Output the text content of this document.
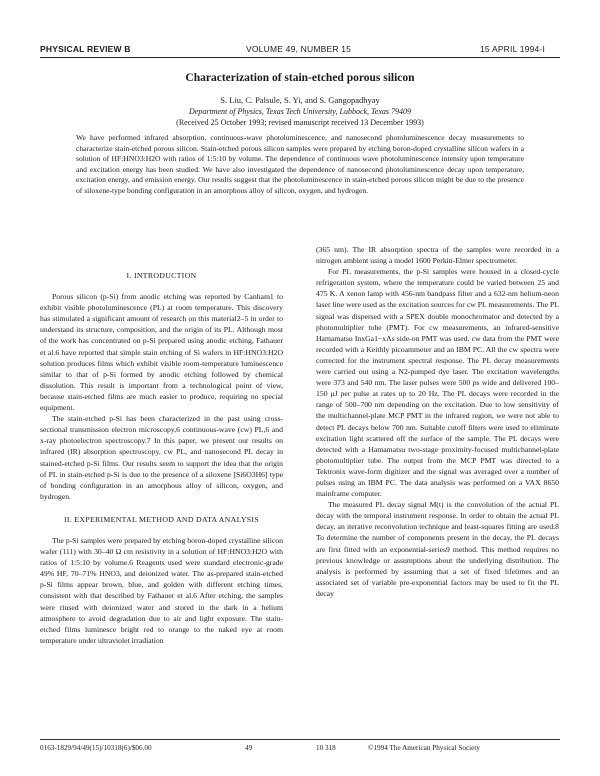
PHYSICAL REVIEW B	VOLUME 49, NUMBER 15	15 APRIL 1994-I
Characterization of stain-etched porous silicon
S. Liu, C. Palsule, S. Yi, and S. Gangopadhyay
Department of Physics, Texas Tech University, Lubbock, Texas 79409
(Received 25 October 1993; revised manuscript received 13 December 1993)

We have performed infrared absorption, continuous-wave photoluminescence, and nanosecond photoluminescence decay measurements to characterize stain-etched porous silicon. Stain-etched porous silicon samples were prepared by etching boron-doped crystalline silicon wafers in a solution of HF:HNO3:H2O with ratios of 1:5:10 by volume. The dependence of continuous wave photoluminescence intensity upon temperature and excitation energy has been studied. We have also investigated the dependence of nanosecond photoluminescence decay upon temperature, excitation energy, and emission energy. Our results suggest that the photoluminescence in stain-etched porous silicon might be due to the presence of siloxene-type bonding configuration in an amorphous alloy of silicon, oxygen, and hydrogen.

I. INTRODUCTION

Porous silicon (p-Si) from anodic etching was reported by Canham1 to exhibit visible photoluminescence (PL) at room temperature. This discovery has stimulated a significant amount of research on this material2–5 in order to understand its structure, composition, and the origin of its PL. Although most of the work has concentrated on p-Si prepared using anodic etching, Fathauer et al.6 have reported that simple stain etching of Si wafers in HF:HNO3:H2O solution produces films which exhibit visible room-temperature luminescence similar to that of p-Si formed by anodic etching followed by chemical dissolution. This result is important from a technological point of view, because stain-etched films are much easier to produce, requiring no special equipment.

The stain-etched p-Si has been characterized in the past using cross-sectional transmission electron microscopy,6 continuous-wave (cw) PL,6 and x-ray photoelectron spectroscopy.7 In this paper, we present our results on infrared (IR) absorption spectroscopy, cw PL, and nanosecond PL decay in stained-etched p-Si films. Our results seem to support the idea that the origin of PL in stain-etched p-Si is due to the presence of a siloxene [Si6O3H6] type of bonding configuration in an amorphous alloy of silicon, oxygen, and hydrogen.

II. EXPERIMENTAL METHOD AND DATA ANALYSIS

The p-Si samples were prepared by etching boron-doped crystalline silicon wafer (111) with 30–40 Ω cm resistivity in a solution of HF:HNO3:H2O with ratios of 1:5:10 by volume.6 Reagents used were standard electronic-grade 49% HF, 70–71% HNO3, and deionized water. The as-prepared stain-etched p-Si films appear brown, blue, and golden with different etching times, consistent with that described by Fathauer et al.6 After etching, the samples were rinsed with deionized water and stored in the dark in a helium atmosphere to avoid degradation due to air and light exposure. The stain-etched films luminesce bright red to orange to the naked eye at room temperature under ultraviolet irradiation

(365 nm). The IR absorption spectra of the samples were recorded in a nitrogen ambient using a model 1600 Perkin-Elmer spectrometer.

For PL measurements, the p-Si samples were housed in a closed-cycle refrigeration system, where the temperature could be varied between 25 and 475 K. A xenon lamp with 456-nm bandpass filter and a 632-nm helium-neon laser line were used as the excitation sources for cw PL measurements. The PL signal was dispersed with a SPEX double monochromator and detected by a photomultiplier tube (PMT). For cw measurements, an infrared-sensitive Hamamatsu InxGa1−xAs side-on PMT was used. cw data from the PMT were recorded with a Keithly picoammeter and an IBM PC. All the cw spectra were corrected for the instrument spectral response. The PL decay measurements were carried out using a N2-pumped dye laser. The excitation wavelengths were 373 and 540 nm. The laser pulses were 500 ps wide and delivered 100–150 μJ per pulse at rates up to 20 Hz. The PL decays were recorded in the range of 500–700 nm depending on the excitation. Due to low sensitivity of the multichannel-plate MCP PMT in the infrared region, we were not able to detect PL decays below 700 nm. Suitable cutoff filters were used to eliminate excitation light scattered off the surface of the sample. The PL decays were detected with a Hamamatsu two-stage proximity-focused multichannel-plate photomultiplier tube. The output from the MCP PMT was directed to a Tektronix wave-form digitizer and the signal was averaged over a number of pulses using an IBM PC. The data analysis was performed on a VAX 8650 mainframe computer.

The measured PL decay signal M(t) is the convolution of the actual PL decay with the temporal instrument response. In order to obtain the actual PL decay, an iterative reconvolution technique and least-squares fitting are used.8 To determine the number of components present in the decay, the PL decays are first fitted with an exponential-series9 method. This method requires no previous knowledge or assumptions about the underlying distribution. The analysis is performed by assuming that a set of fixed lifetimes and an associated set of variable pre-exponential factors may be used to fit the PL decay

0163-1829/94/49(15)/10318(6)/$06.00	49	10 318	©1994 The American Physical Society
